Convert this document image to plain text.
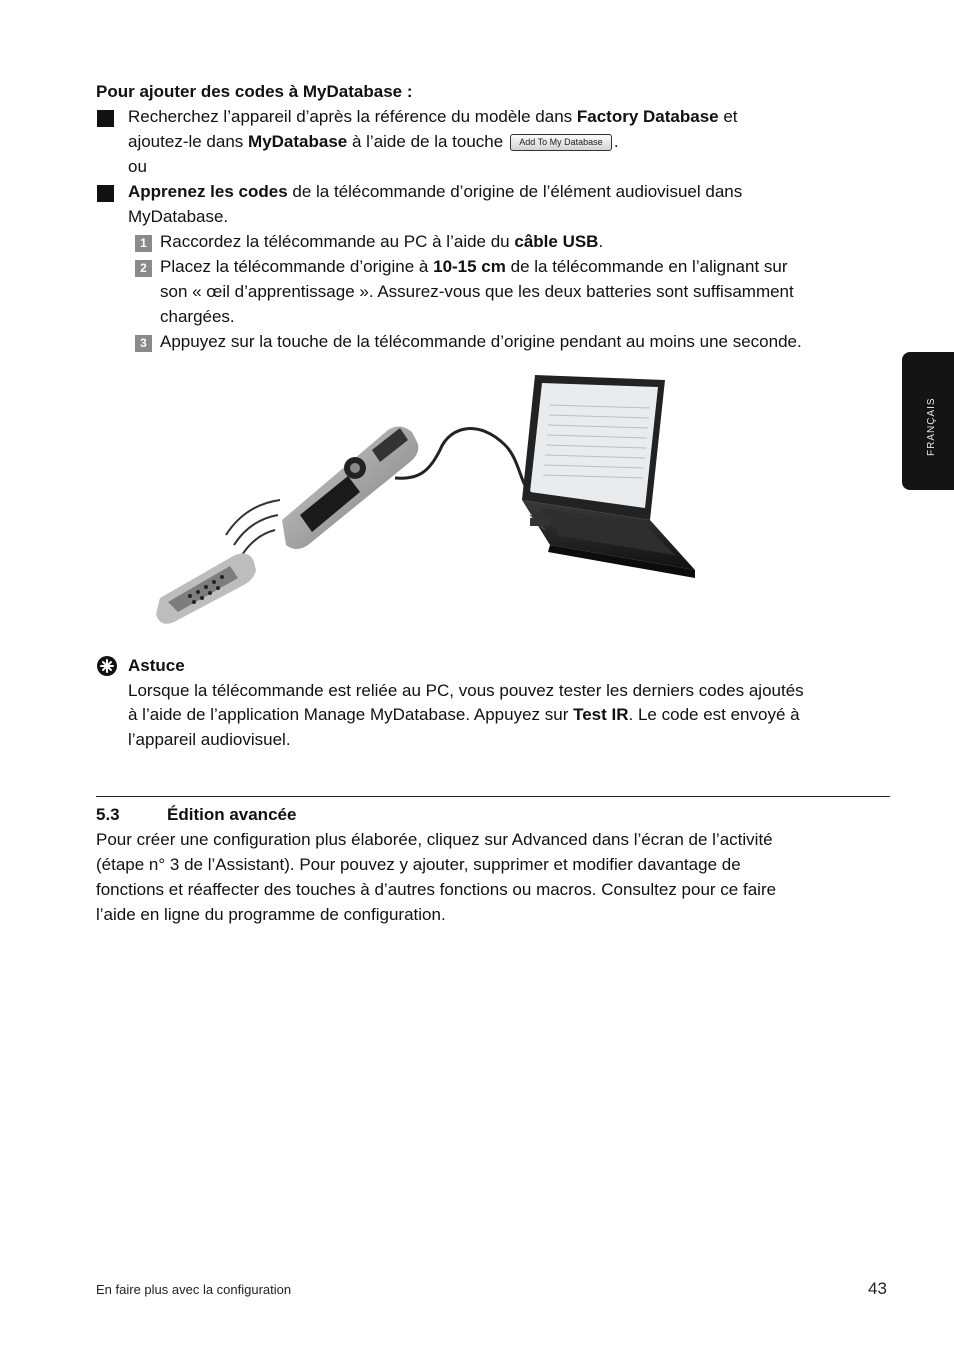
Pour ajouter des codes à MyDatabase :
Recherchez l’appareil d’après la référence du modèle dans Factory Database et
ajoutez-le dans MyDatabase à l’aide de la touche Add To My Database .
ou
Apprenez les codes de la télécommande d’origine de l’élément audiovisuel dans
MyDatabase.
1 Raccordez la télécommande au PC à l’aide du câble USB.
2 Placez la télécommande d’origine à 10-15 cm de la télécommande en l’alignant sur
son « œil d’apprentissage ». Assurez-vous que les deux batteries sont suffisamment
chargées.
3 Appuyez sur la touche de la télécommande d’origine pendant au moins une seconde.
Astuce
Lorsque la télécommande est reliée au PC, vous pouvez tester les derniers codes ajoutés
à l’aide de l’application Manage MyDatabase. Appuyez sur Test IR. Le code est envoyé à
l’appareil audiovisuel.
5.3	Édition avancée
Pour créer une configuration plus élaborée, cliquez sur Advanced dans l’écran de l’activité
(étape n° 3 de l’Assistant). Pour pouvez y ajouter, supprimer et modifier davantage de
fonctions et réaffecter des touches à d’autres fonctions ou macros. Consultez pour ce faire
l’aide en ligne du programme de configuration.
FRANÇAIS
En faire plus avec la configuration	43
